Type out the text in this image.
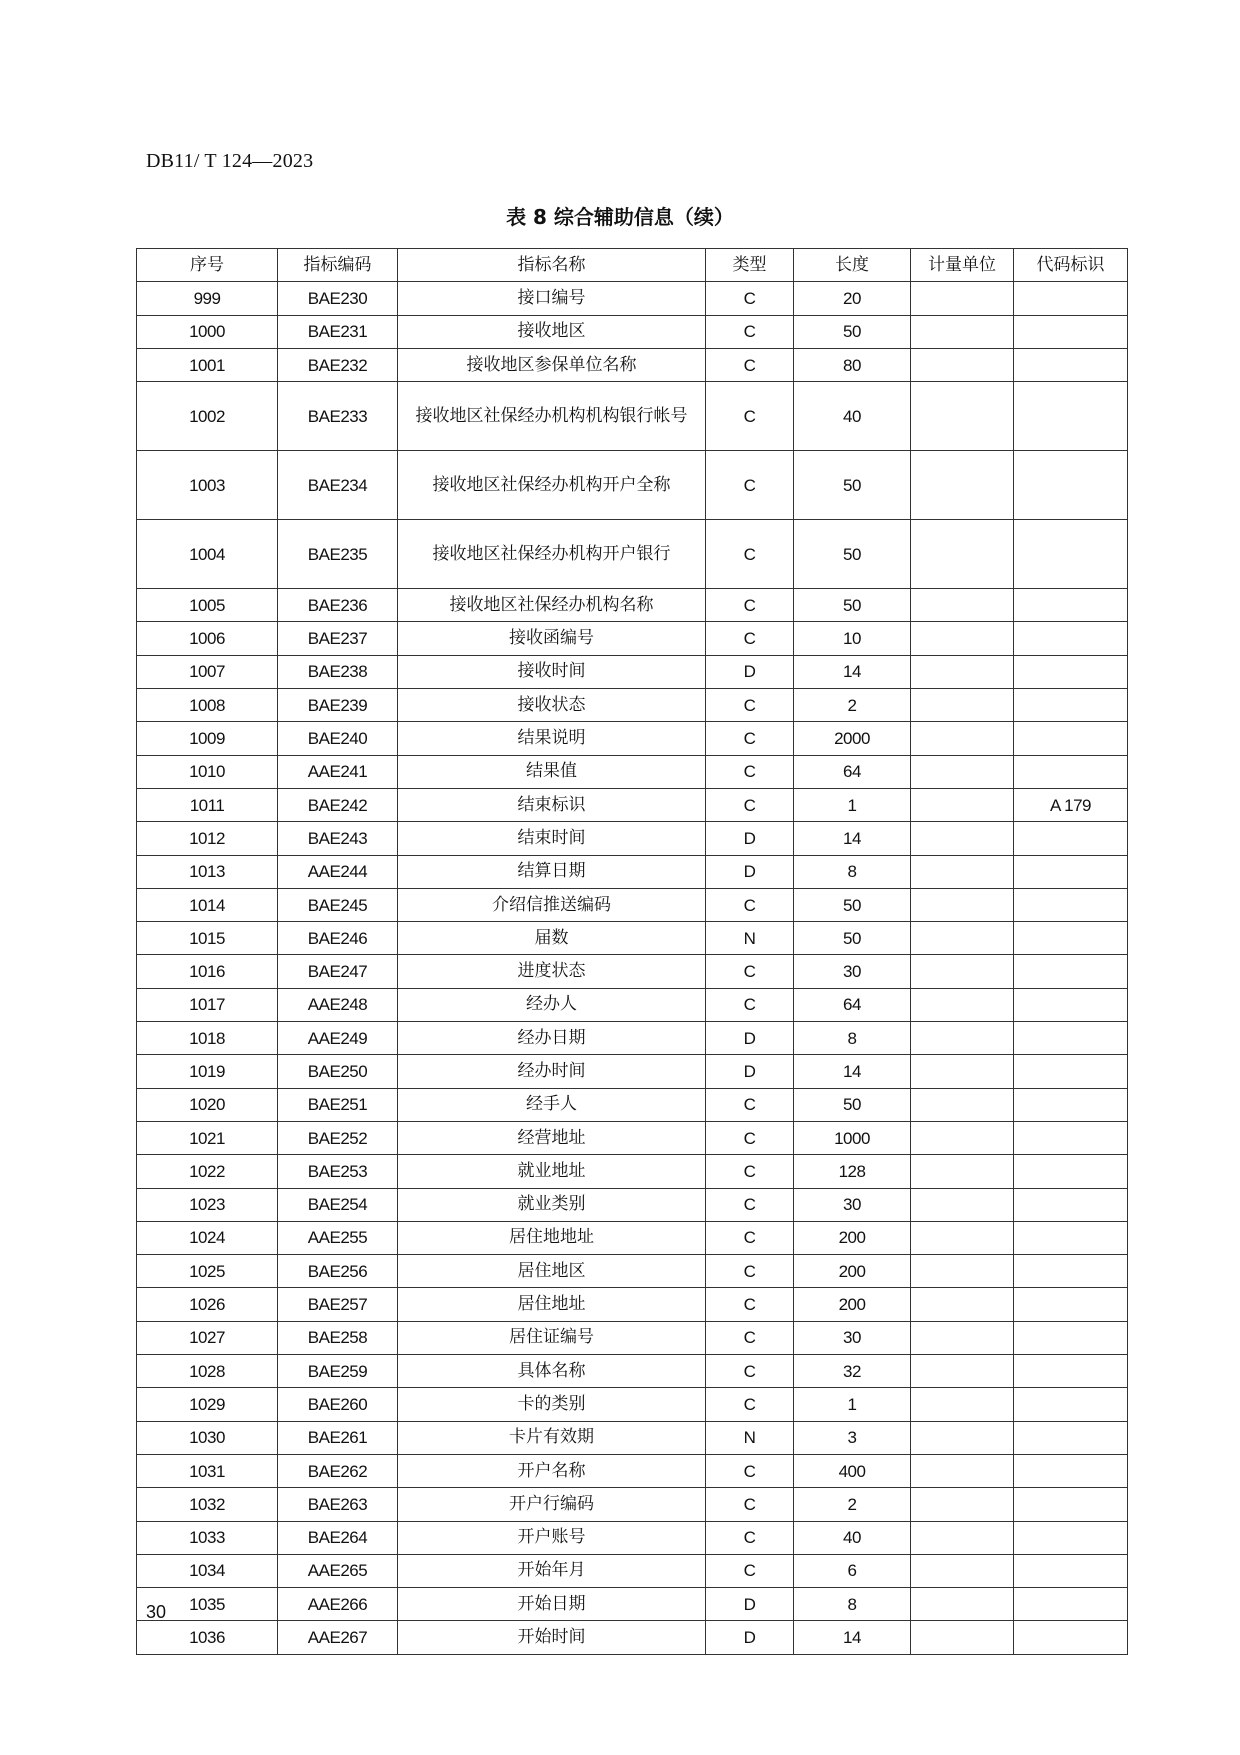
DB11/ T 124—2023
表 8 综合辅助信息（续）
序号	指标编码	指标名称	类型	长度	计量单位	代码标识
999	BAE230	接口编号	C	20		
1000	BAE231	接收地区	C	50		
1001	BAE232	接收地区参保单位名称	C	80		
1002	BAE233	接收地区社保经办机构机构银行帐号	C	40		
1003	BAE234	接收地区社保经办机构开户全称	C	50		
1004	BAE235	接收地区社保经办机构开户银行	C	50		
1005	BAE236	接收地区社保经办机构名称	C	50		
1006	BAE237	接收函编号	C	10		
1007	BAE238	接收时间	D	14		
1008	BAE239	接收状态	C	2		
1009	BAE240	结果说明	C	2000		
1010	AAE241	结果值	C	64		
1011	BAE242	结束标识	C	1		A 179
1012	BAE243	结束时间	D	14		
1013	AAE244	结算日期	D	8		
1014	BAE245	介绍信推送编码	C	50		
1015	BAE246	届数	N	50		
1016	BAE247	进度状态	C	30		
1017	AAE248	经办人	C	64		
1018	AAE249	经办日期	D	8		
1019	BAE250	经办时间	D	14		
1020	BAE251	经手人	C	50		
1021	BAE252	经营地址	C	1000		
1022	BAE253	就业地址	C	128		
1023	BAE254	就业类别	C	30		
1024	AAE255	居住地地址	C	200		
1025	BAE256	居住地区	C	200		
1026	BAE257	居住地址	C	200		
1027	BAE258	居住证编号	C	30		
1028	BAE259	具体名称	C	32		
1029	BAE260	卡的类别	C	1		
1030	BAE261	卡片有效期	N	3		
1031	BAE262	开户名称	C	400		
1032	BAE263	开户行编码	C	2		
1033	BAE264	开户账号	C	40		
1034	AAE265	开始年月	C	6		
1035	AAE266	开始日期	D	8		
1036	AAE267	开始时间	D	14		
30
